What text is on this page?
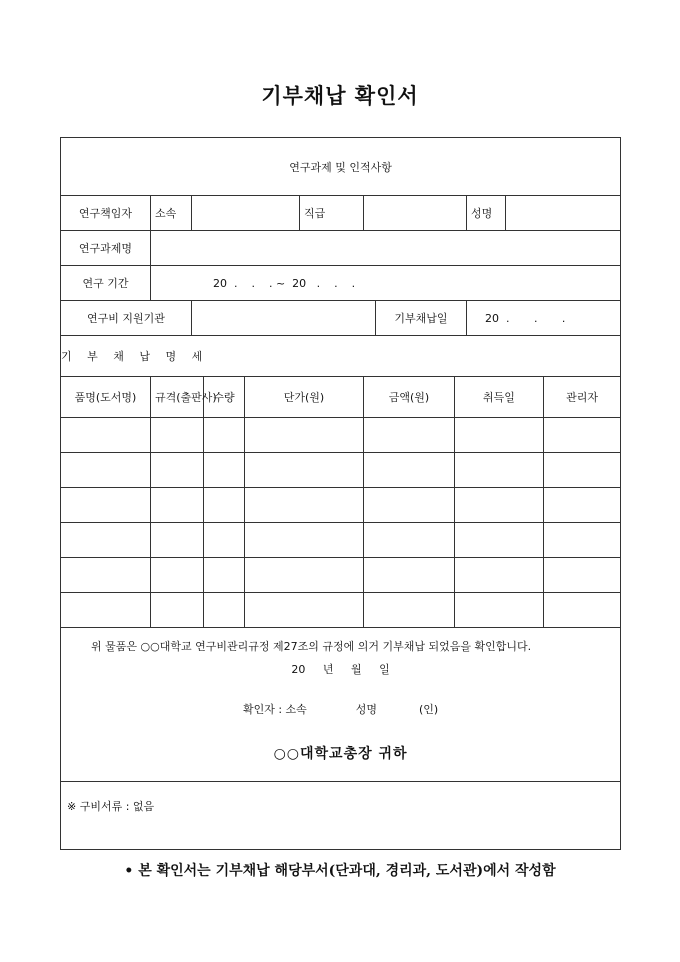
기부채납 확인서
연구과제 및 인적사항											
연구책임자	소속				직급				성명		
연구과제명											
연구 기간	20  .    .    . ~  20   .    .    .										
연구비 지원기관							기부채납일		20  .       .       .		
기 부 채 납 명 세											
품명(도서명)	규격(출판사)		수량	단가(원)		금액(원)		취득일			관리자

위 물품은 ○○대학교 연구비관리규정 제27조의 규정에 의거 기부채납 되었음을 확인합니다.
20 년 월 일
확인자 : 소속              성명            (인)
○○대학교총장 귀하											

※ 구비서류 : 없음											
• 본 확인서는 기부채납 해당부서(단과대, 경리과, 도서관)에서 작성함
